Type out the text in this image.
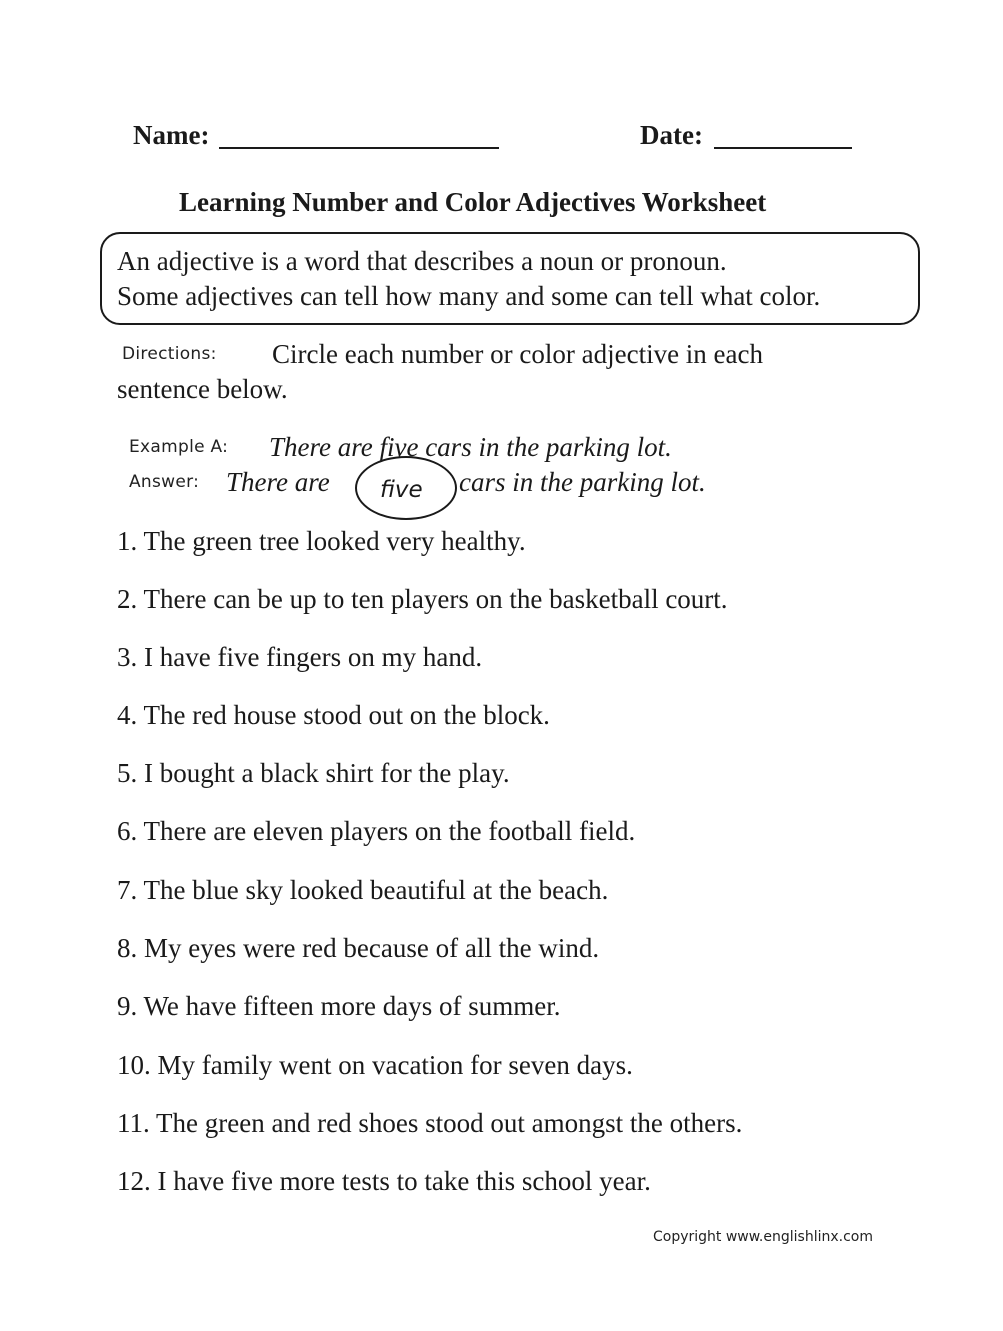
Name:	Date:
Learning Number and Color Adjectives Worksheet
An adjective is a word that describes a noun or pronoun.
Some adjectives can tell how many and some can tell what color.
Directions: Circle each number or color adjective in each
sentence below.
Example A: There are five cars in the parking lot.
Answer: There are five cars in the parking lot.
1. The green tree looked very healthy.
2. There can be up to ten players on the basketball court.
3. I have five fingers on my hand.
4. The red house stood out on the block.
5. I bought a black shirt for the play.
6. There are eleven players on the football field.
7. The blue sky looked beautiful at the beach.
8. My eyes were red because of all the wind.
9. We have fifteen more days of summer.
10. My family went on vacation for seven days.
11. The green and red shoes stood out amongst the others.
12. I have five more tests to take this school year.
Copyright www.englishlinx.com
